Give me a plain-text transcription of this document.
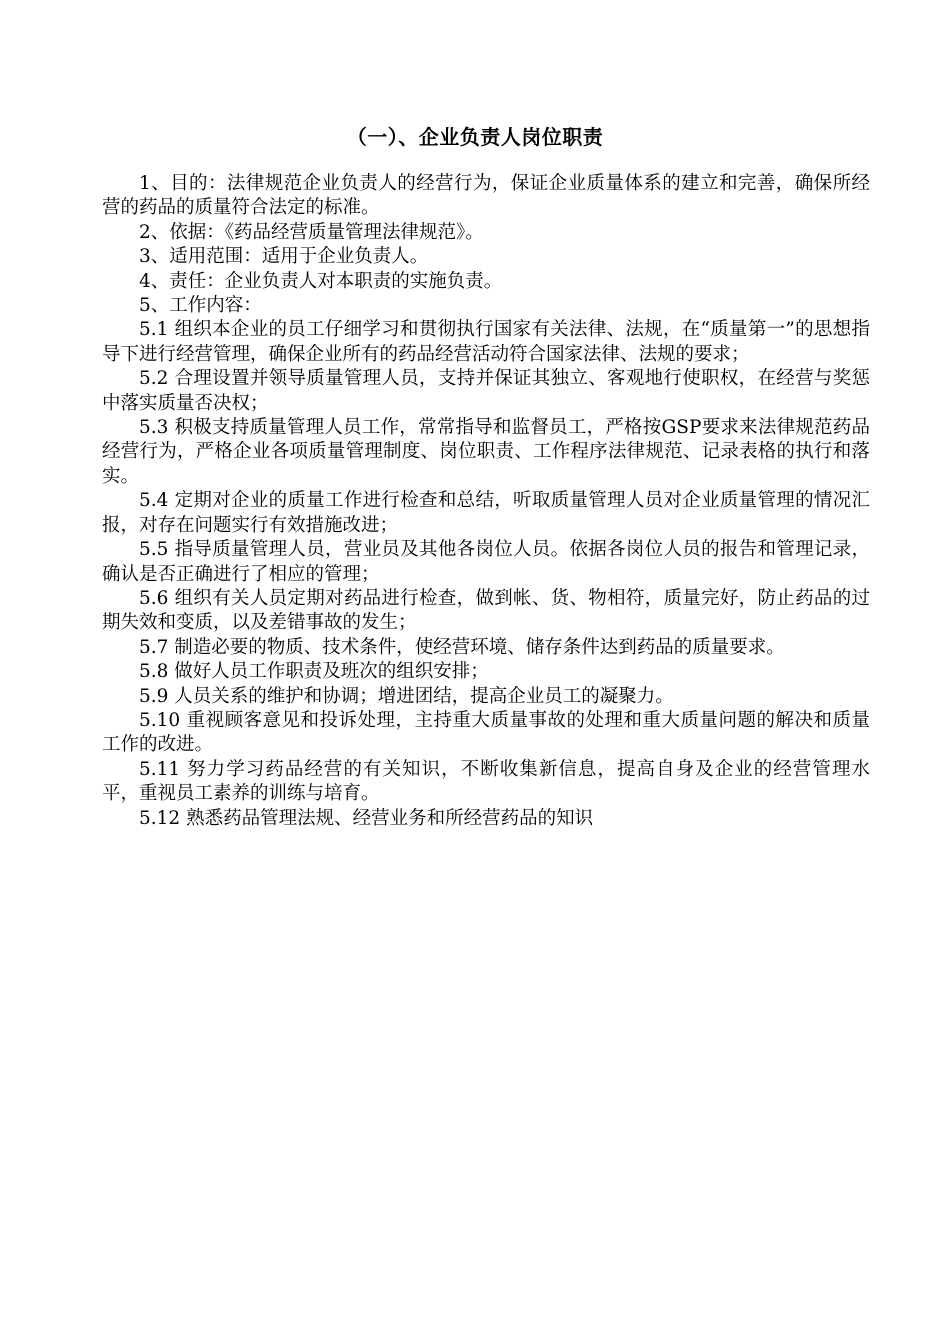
（一）、企业负责人岗位职责

1、目的：法律规范企业负责人的经营行为，保证企业质量体系的建立和完善，确保所经营的药品的质量符合法定的标准。

2、依据：《药品经营质量管理法律规范》。

3、适用范围：适用于企业负责人。

4、责任：企业负责人对本职责的实施负责。

5、工作内容：

5.1 组织本企业的员工仔细学习和贯彻执行国家有关法律、法规，在“质量第一”的思想指导下进行经营管理，确保企业所有的药品经营活动符合国家法律、法规的要求；

5.2 合理设置并领导质量管理人员，支持并保证其独立、客观地行使职权，在经营与奖惩中落实质量否决权；

5.3 积极支持质量管理人员工作，常常指导和监督员工，严格按GSP要求来法律规范药品经营行为，严格企业各项质量管理制度、岗位职责、工作程序法律规范、记录表格的执行和落实。

5.4 定期对企业的质量工作进行检查和总结，听取质量管理人员对企业质量管理的情况汇报，对存在问题实行有效措施改进；

5.5 指导质量管理人员，营业员及其他各岗位人员。依据各岗位人员的报告和管理记录，确认是否正确进行了相应的管理；

5.6 组织有关人员定期对药品进行检查，做到帐、货、物相符，质量完好，防止药品的过期失效和变质，以及差错事故的发生；

5.7 制造必要的物质、技术条件，使经营环境、储存条件达到药品的质量要求。

5.8 做好人员工作职责及班次的组织安排；

5.9 人员关系的维护和协调；增进团结，提高企业员工的凝聚力。

5.10 重视顾客意见和投诉处理，主持重大质量事故的处理和重大质量问题的解决和质量工作的改进。

5.11 努力学习药品经营的有关知识，不断收集新信息，提高自身及企业的经营管理水平，重视员工素养的训练与培育。

5.12 熟悉药品管理法规、经营业务和所经营药品的知识
